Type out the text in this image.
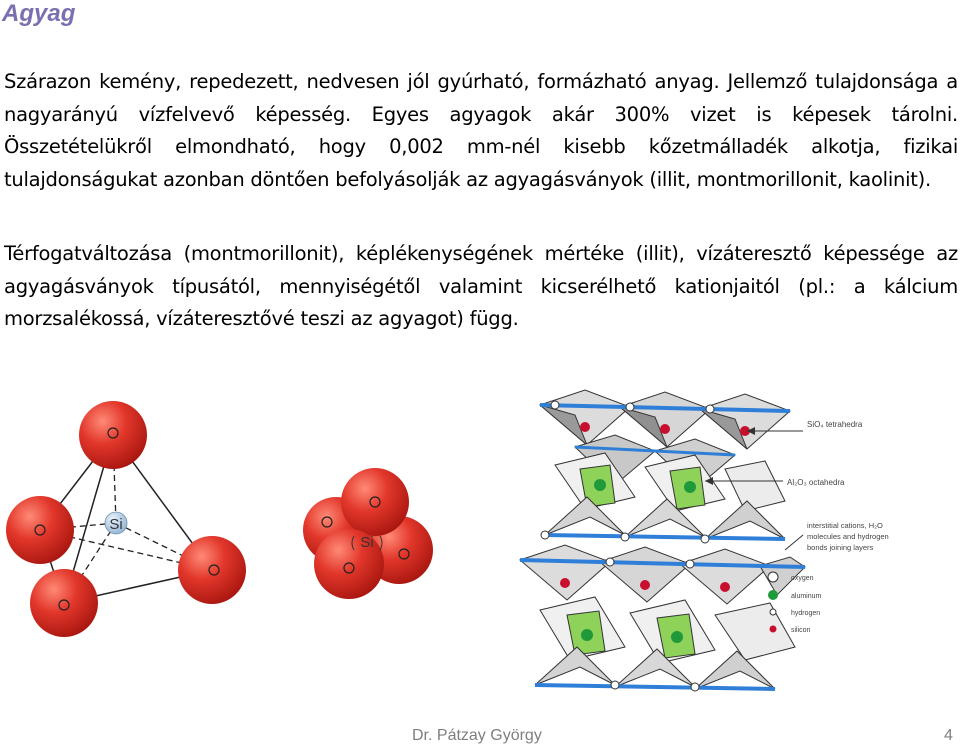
Agyag
Szárazon kemény, repedezett, nedvesen jól gyúrható, formázható anyag. Jellemző tulajdonsága a nagyarányú vízfelvevő képesség. Egyes agyagok akár 300% vizet is képesek tárolni. Összetételükről elmondható, hogy 0,002 mm-nél kisebb kőzetmálladék alkotja, fizikai tulajdonságukat azonban döntően befolyásolják az agyagásványok (illit, montmorillonit, kaolinit).
Térfogatváltozása (montmorillonit), képlékenységének mértéke (illit), vízáteresztő képessége az agyagásványok típusától, mennyiségétől valamint kicserélhető kationjaitól (pl.: a kálcium morzsalékossá, vízáteresztővé teszi az agyagot) függ.
Si
Si
SiO₄ tetrahedra
Al₂O₃ octahedra
interstitial cations, H₂O
molecules and hydrogen
bonds joining layers
oxygen
aluminum
hydrogen
silicon
Dr. Pátzay György	4
